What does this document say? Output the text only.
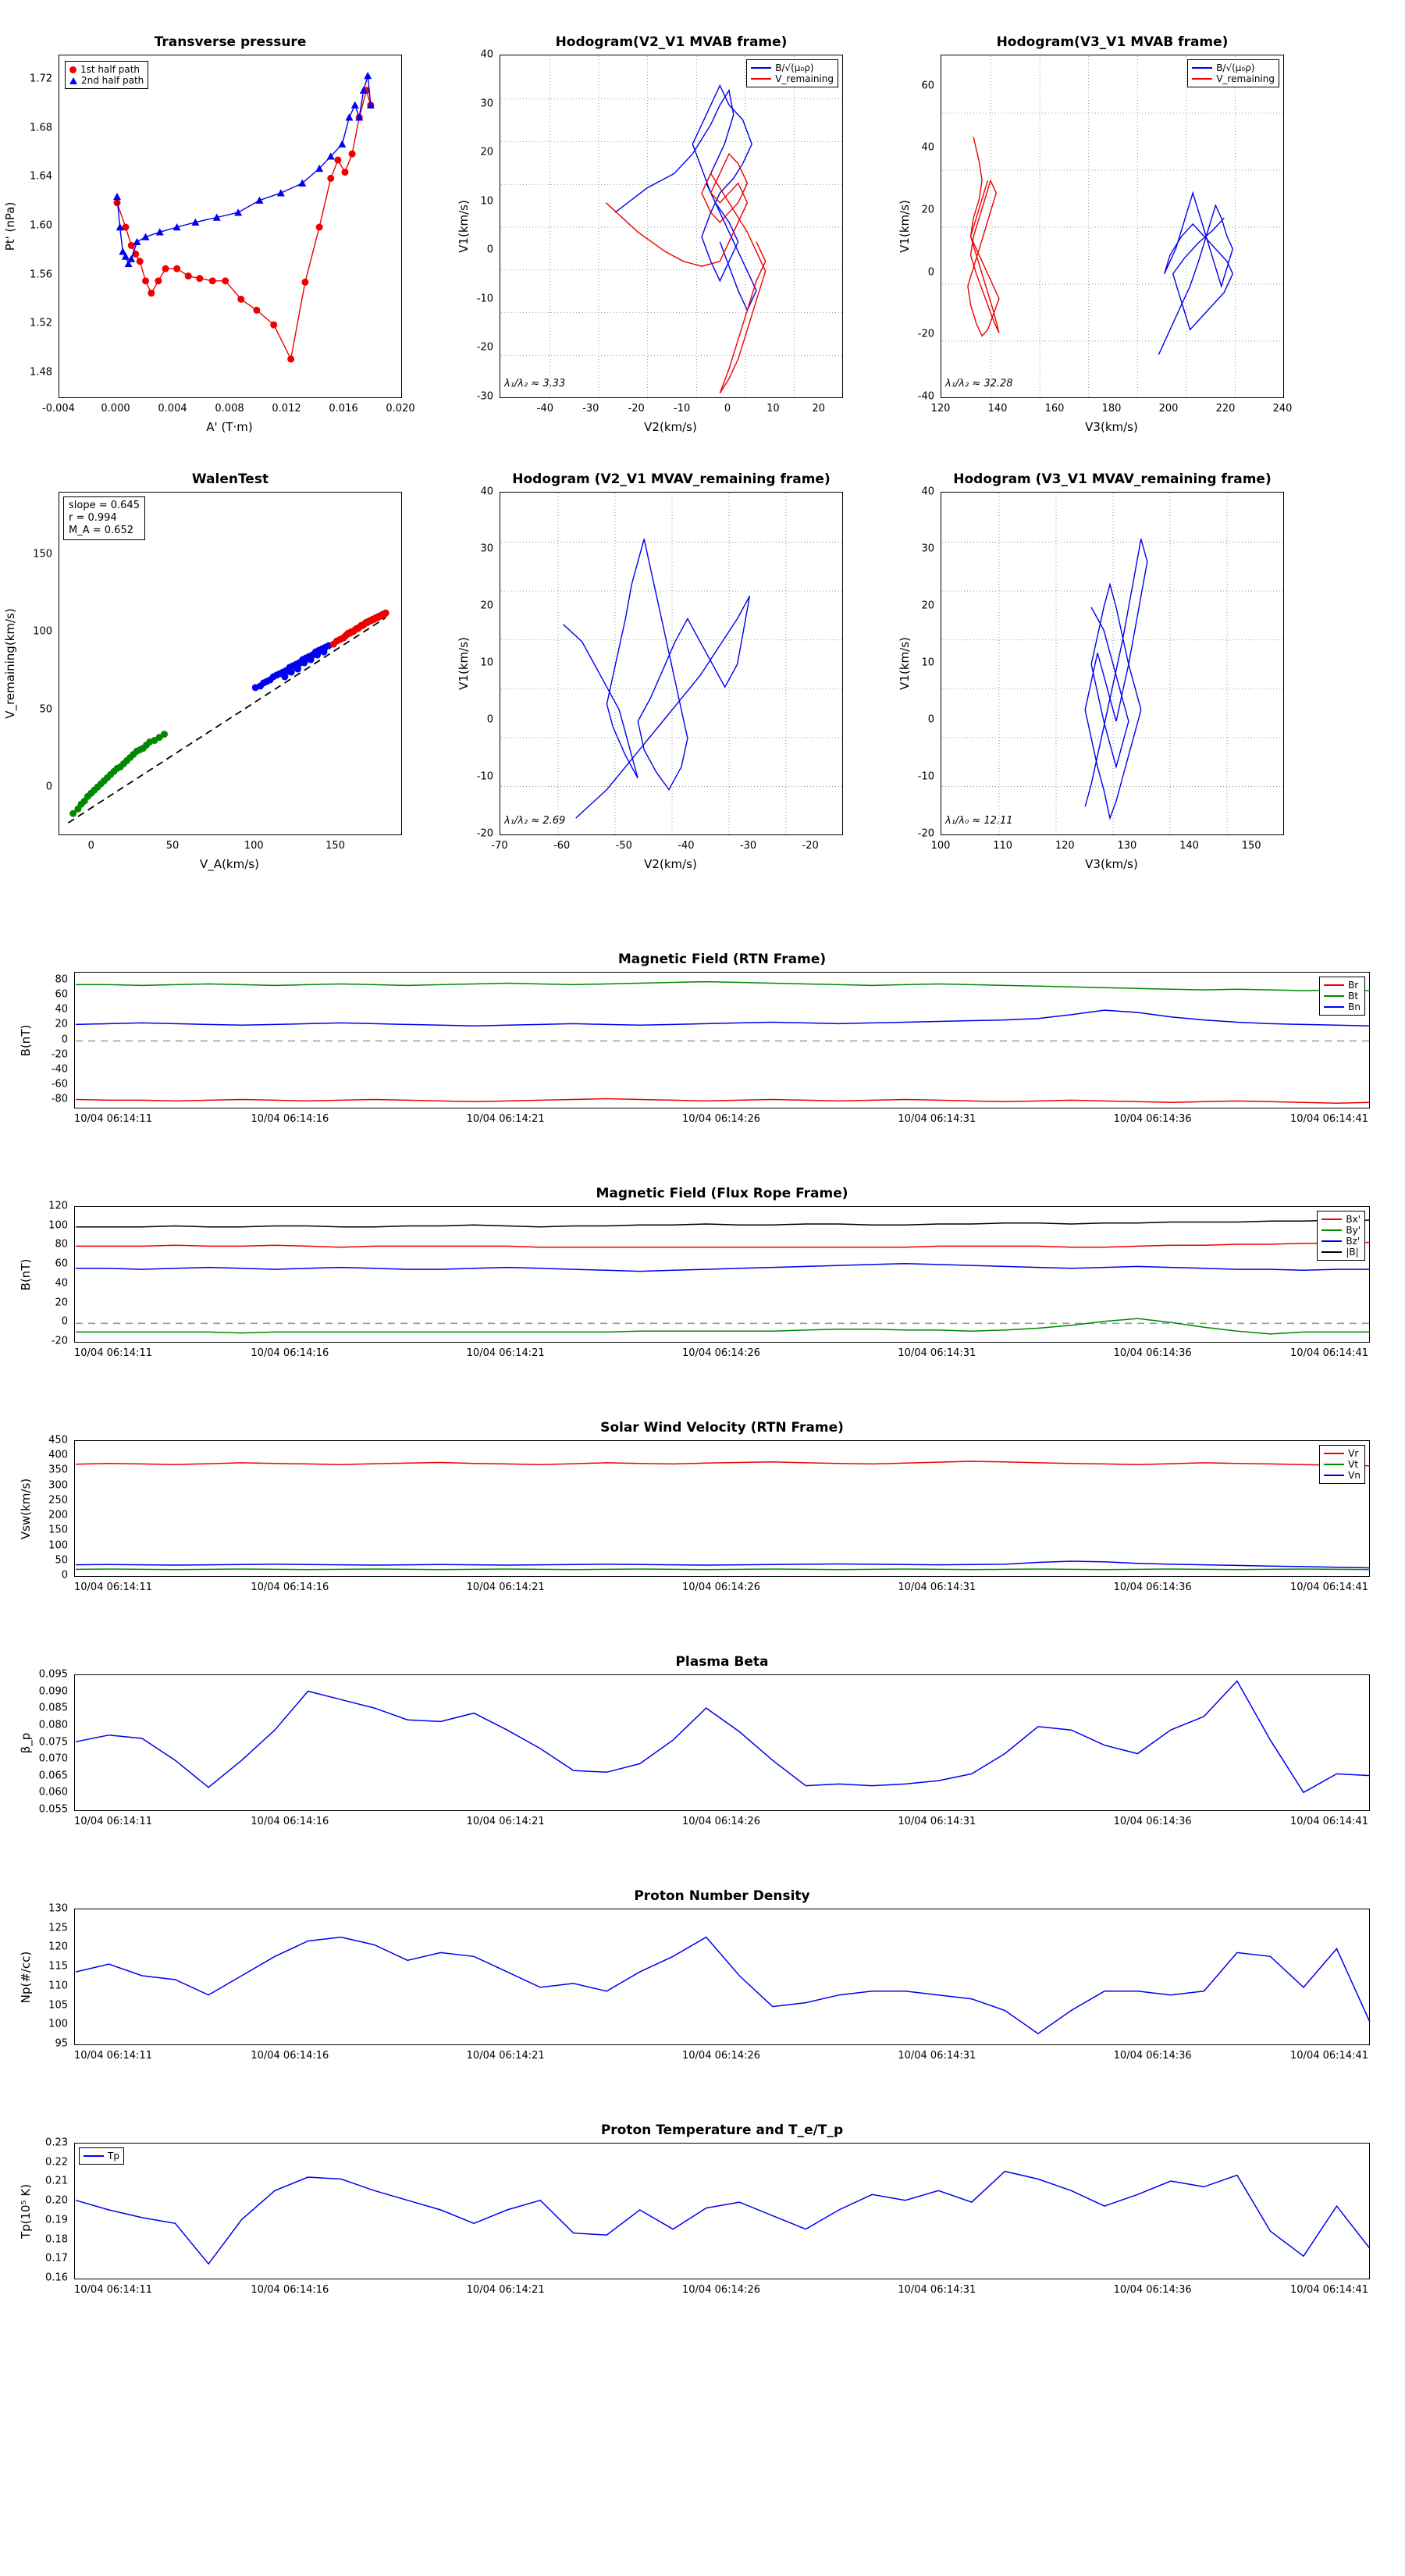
Transverse pressure
-0.004	0.000	0.004	0.008	0.012	0.016	0.020
1.48
1.52
1.56
1.60
1.64
1.68
1.72
A' (T·m)
Pt' (nPa)
1st half path
2nd half path
Hodogram(V2_V1 MVAB frame)
-40	-30	-20	-10	0	10	20
-30
-20
-10
0
10
20
30
40
V2(km/s)
V1(km/s)
λ₁/λ₂ ≈ 3.33
B/√(μ₀ρ)
V_remaining
Hodogram(V3_V1 MVAB frame)
120	140	160	180	200	220	240
-40
-20
0
20
40
60
V3(km/s)
V1(km/s)
λ₁/λ₂ ≈ 32.28
B/√(μ₀ρ)
V_remaining
WalenTest
0	50	100	150
0
50
100
150
V_A(km/s)
V_remaining(km/s)
slope = 0.645
r = 0.994
M_A = 0.652
Hodogram (V2_V1 MVAV_remaining frame)
-70	-60	-50	-40	-30	-20
-20
-10
0
10
20
30
40
V2(km/s)
V1(km/s)
λ₁/λ₂ ≈ 2.69
Hodogram (V3_V1 MVAV_remaining frame)
100	110	120	130	140	150
-20
-10
0
10
20
30
40
V3(km/s)
V1(km/s)
λ₁/λ₀ ≈ 12.11
Magnetic Field (RTN Frame)
-80
-60
-40
-20
0
20
40
60
80
10/04 06:14:11	10/04 06:14:16	10/04 06:14:21	10/04 06:14:26	10/04 06:14:31	10/04 06:14:36	10/04 06:14:41
B(nT)
Br
Bt
Bn
Magnetic Field (Flux Rope Frame)
-20
0
20
40
60
80
100
120
10/04 06:14:11	10/04 06:14:16	10/04 06:14:21	10/04 06:14:26	10/04 06:14:31	10/04 06:14:36	10/04 06:14:41
B(nT)
Bx'
By'
Bz'
|B|
Solar Wind Velocity (RTN Frame)
0
50
100
150
200
250
300
350
400
450
10/04 06:14:11	10/04 06:14:16	10/04 06:14:21	10/04 06:14:26	10/04 06:14:31	10/04 06:14:36	10/04 06:14:41
Vsw(km/s)
Vr
Vt
Vn
Plasma Beta
0.055
0.060
0.065
0.070
0.075
0.080
0.085
0.090
0.095
10/04 06:14:11	10/04 06:14:16	10/04 06:14:21	10/04 06:14:26	10/04 06:14:31	10/04 06:14:36	10/04 06:14:41
β_p
Proton Number Density
95
100
105
110
115
120
125
130
10/04 06:14:11	10/04 06:14:16	10/04 06:14:21	10/04 06:14:26	10/04 06:14:31	10/04 06:14:36	10/04 06:14:41
Np(#/cc)
Proton Temperature and T_e/T_p
0.16
0.17
0.18
0.19
0.20
0.21
0.22
0.23
10/04 06:14:11	10/04 06:14:16	10/04 06:14:21	10/04 06:14:26	10/04 06:14:31	10/04 06:14:36	10/04 06:14:41
Tp(10⁵ K)
Tp
